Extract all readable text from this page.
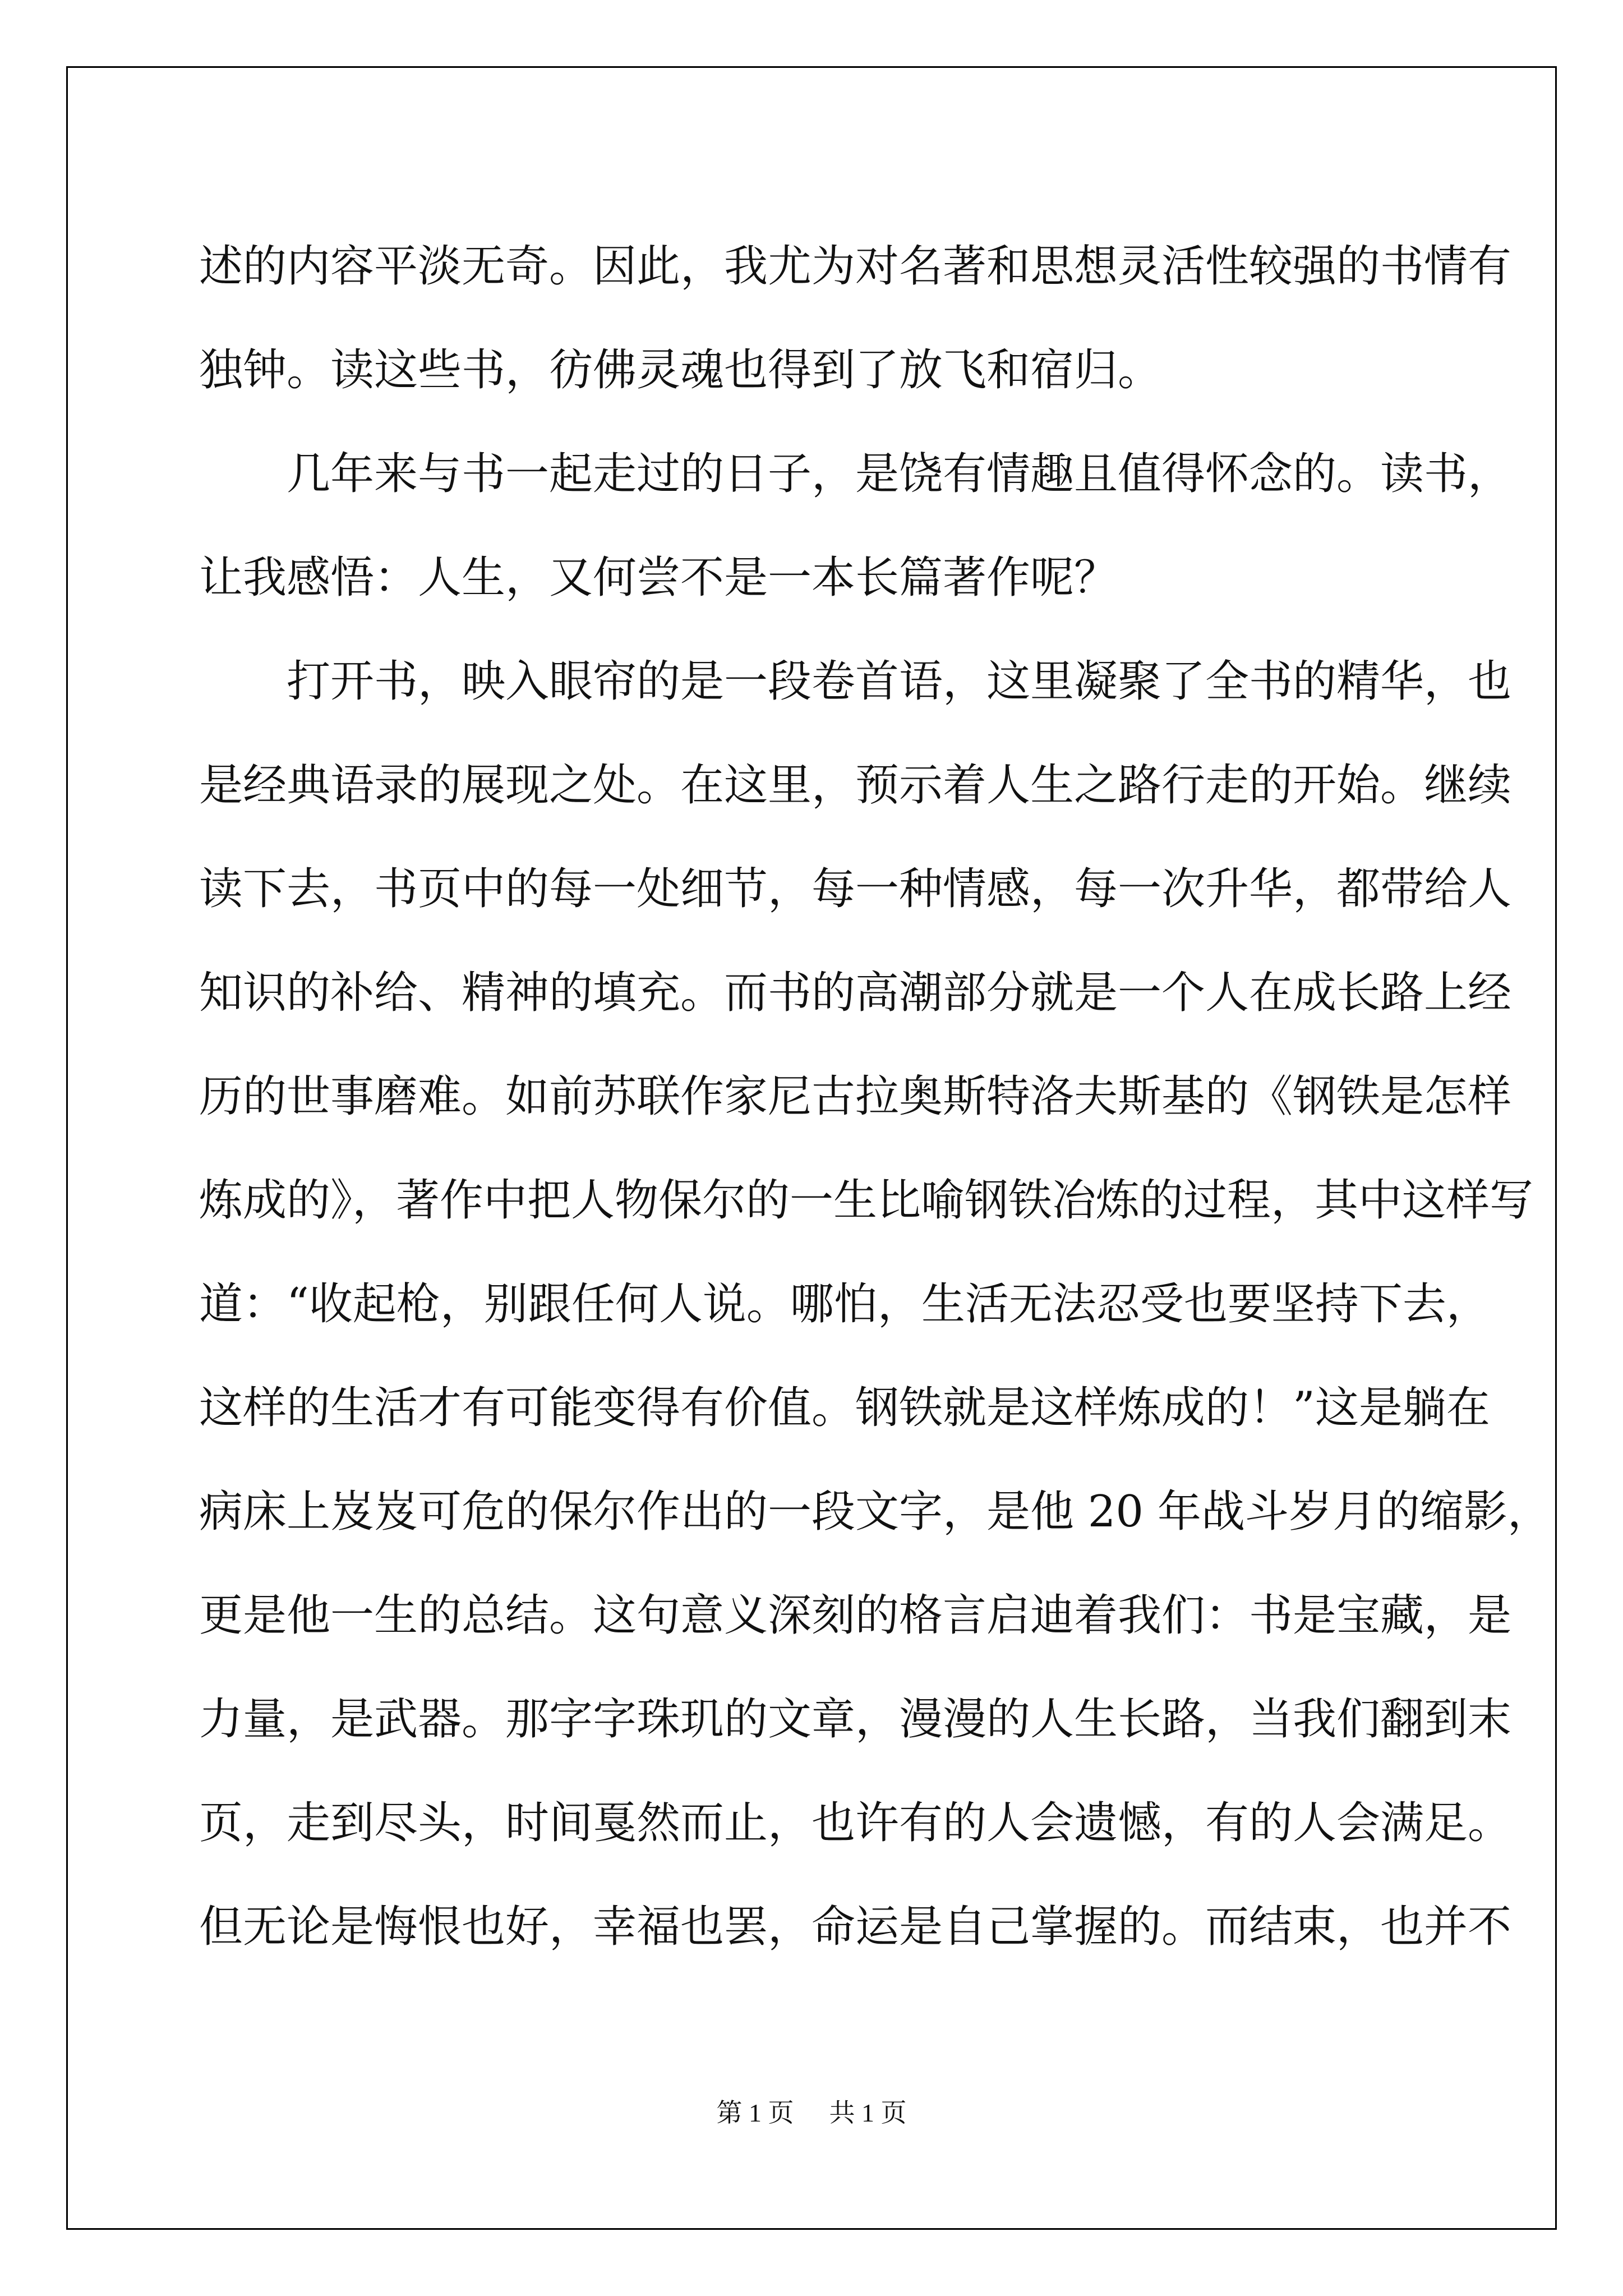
述的内容平淡无奇。因此，我尤为对名著和思想灵活性较强的书情有
独钟。读这些书，彷佛灵魂也得到了放飞和宿归。
几年来与书一起走过的日子，是饶有情趣且值得怀念的。读书，
让我感悟：人生，又何尝不是一本长篇著作呢？
打开书，映入眼帘的是一段卷首语，这里凝聚了全书的精华，也
是经典语录的展现之处。在这里，预示着人生之路行走的开始。继续
读下去，书页中的每一处细节，每一种情感，每一次升华，都带给人
知识的补给、精神的填充。而书的高潮部分就是一个人在成长路上经
历的世事磨难。如前苏联作家尼古拉奥斯特洛夫斯基的《钢铁是怎样
炼成的》，著作中把人物保尔的一生比喻钢铁冶炼的过程，其中这样写
道：“收起枪，别跟任何人说。哪怕，生活无法忍受也要坚持下去，
这样的生活才有可能变得有价值。钢铁就是这样炼成的！”这是躺在
病床上岌岌可危的保尔作出的一段文字，是他 20 年战斗岁月的缩影，
更是他一生的总结。这句意义深刻的格言启迪着我们：书是宝藏，是
力量，是武器。那字字珠玑的文章，漫漫的人生长路，当我们翻到末
页，走到尽头，时间戛然而止，也许有的人会遗憾，有的人会满足。
但无论是悔恨也好，幸福也罢，命运是自己掌握的。而结束，也并不
第 1 页 共 1 页
